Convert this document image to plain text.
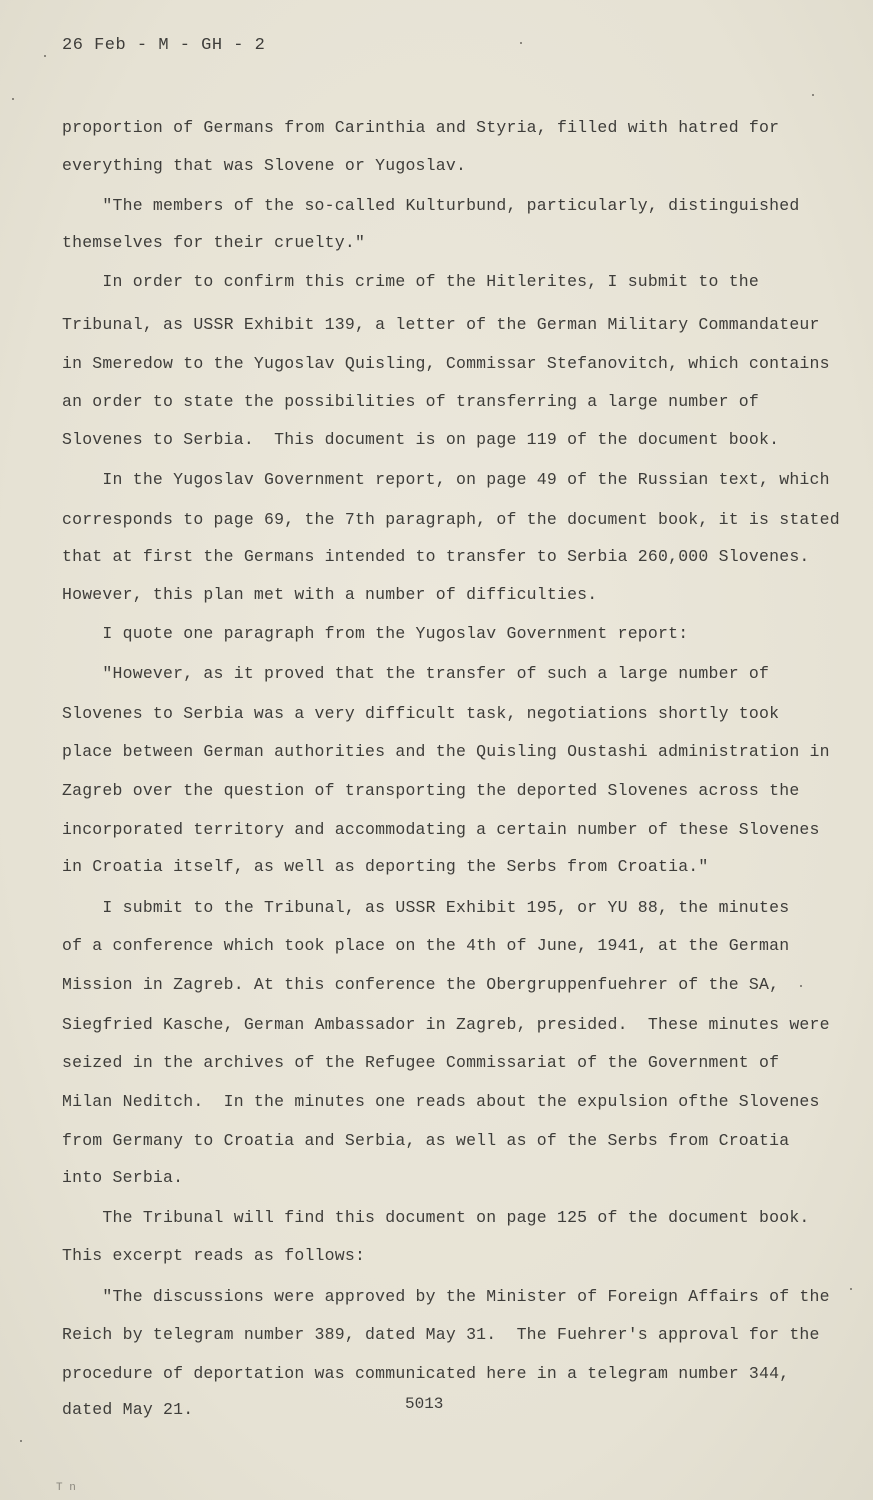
26 Feb - M - GH - 2
proportion of Germans from Carinthia and Styria, filled with hatred for
everything that was Slovene or Yugoslav.
"The members of the so-called Kulturbund, particularly, distinguished
themselves for their cruelty."
In order to confirm this crime of the Hitlerites, I submit to the
Tribunal, as USSR Exhibit 139, a letter of the German Military Commandateur
in Smeredow to the Yugoslav Quisling, Commissar Stefanovitch, which contains
an order to state the possibilities of transferring a large number of
Slovenes to Serbia.  This document is on page 119 of the document book.
In the Yugoslav Government report, on page 49 of the Russian text, which
corresponds to page 69, the 7th paragraph, of the document book, it is stated
that at first the Germans intended to transfer to Serbia 260,000 Slovenes.
However, this plan met with a number of difficulties.
I quote one paragraph from the Yugoslav Government report:
"However, as it proved that the transfer of such a large number of
Slovenes to Serbia was a very difficult task, negotiations shortly took
place between German authorities and the Quisling Oustashi administration in
Zagreb over the question of transporting the deported Slovenes across the
incorporated territory and accommodating a certain number of these Slovenes
in Croatia itself, as well as deporting the Serbs from Croatia."
I submit to the Tribunal, as USSR Exhibit 195, or YU 88, the minutes
of a conference which took place on the 4th of June, 1941, at the German
Mission in Zagreb. At this conference the Obergruppenfuehrer of the SA,
Siegfried Kasche, German Ambassador in Zagreb, presided.  These minutes were
seized in the archives of the Refugee Commissariat of the Government of
Milan Neditch.  In the minutes one reads about the expulsion ofthe Slovenes
from Germany to Croatia and Serbia, as well as of the Serbs from Croatia
into Serbia.
The Tribunal will find this document on page 125 of the document book.
This excerpt reads as follows:
"The discussions were approved by the Minister of Foreign Affairs of the
Reich by telegram number 389, dated May 31.  The Fuehrer's approval for the
procedure of deportation was communicated here in a telegram number 344,
dated May 21.	5013
T n
